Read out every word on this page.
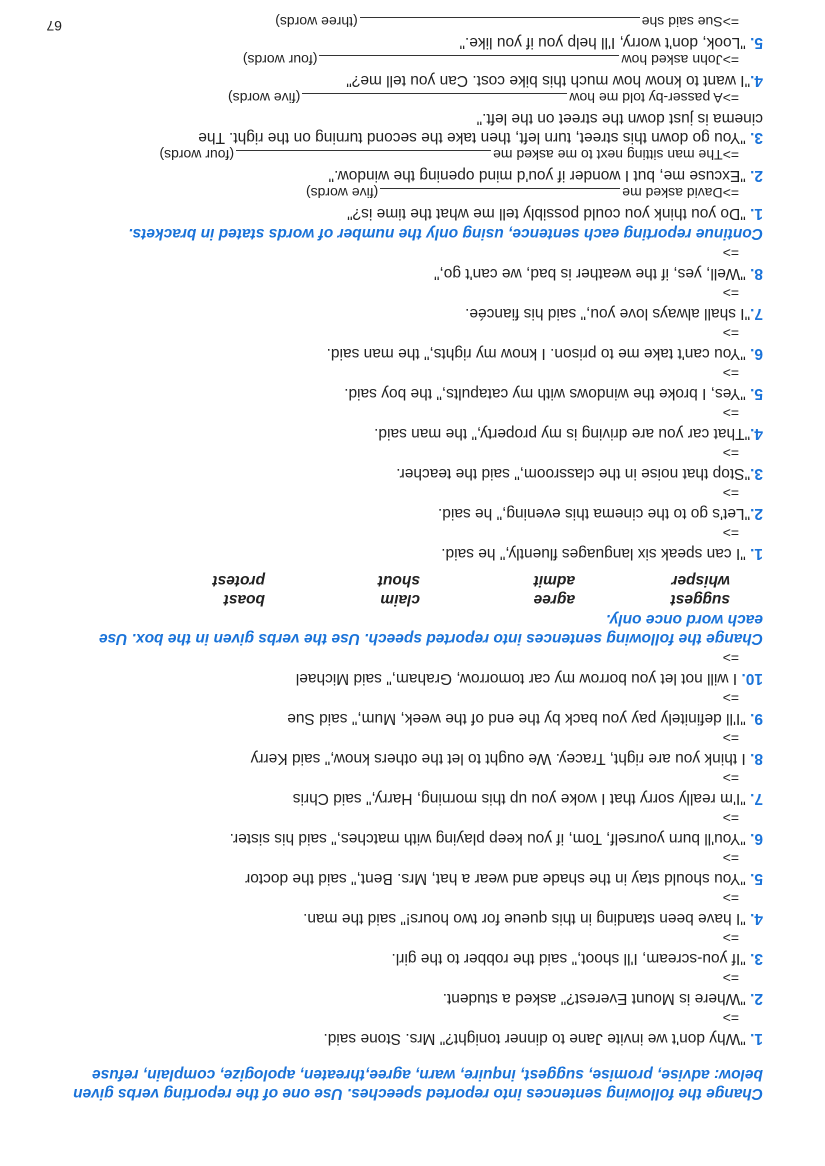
Change the following sentences into reported speeches. Use one of the reporting verbs given below: advise, promise, suggest, inquire, warn, agree,threaten, apologize, complain, refuse
1. "Why don't we invite Jane to dinner tonight?" Mrs. Stone said.
=>
2. "Where is Mount Everest?" asked a student.
=>
3. "If you-scream, I'll shoot," said the robber to the girl.
=>
4. "I have been standing in this queue for two hours!" said the man.
=>
5. "You should stay in the shade and wear a hat, Mrs. Bent," said the doctor
=>
6. "You'll burn yourself, Tom, if you keep playing with matches," said his sister.
=>
7. "I'm really sorry that I woke you up this morning, Harry," said Chris
=>
8. I think you are right, Tracey. We ought to let the others know," said Kerry
=>
9. "I'll definitely pay you back by the end of the week, Mum," said Sue
=>
10. I will not let you borrow my car tomorrow, Graham," said Michael
=>
Change the following sentences into reported speech. Use the verbs given in the box. Use each word once only.
suggest
agree
claim
boast
whisper
admit
shout
protest
1. "I can speak six languages fluently," he said.
=>
2."Let's go to the cinema this evening," he said.
=>
3."Stop that noise in the classroom," said the teacher.
=>
4."That car you are driving is my property," the man said.
=>
5. "Yes, I broke the windows with my catapults," the boy said.
=>
6. "You can't take me to prison. I know my rights," the man said.
=>
7."I shall always love you," said his fiancée.
=>
8. "Well, yes, if the weather is bad, we can't go,"
=>
Continue reporting each sentence, using only the number of words stated in brackets.
1. "Do you think you could possibly tell me what the time is?"
=>David asked me(five words)
2. "Excuse me, but I wonder if you'd mind opening the window."
=>The man sitting next to me asked me(four words)
3. "You go down this street, turn left, then take the second turning on the right. The cinema is just down the street on the left."
=>A passer-by told me how(five words)
4."I want to know how much this bike cost. Can you tell me?"
=>John asked how(four words)
5. "Look, don't worry, I'll help you if you like."
=>Sue said she(three words)
67
